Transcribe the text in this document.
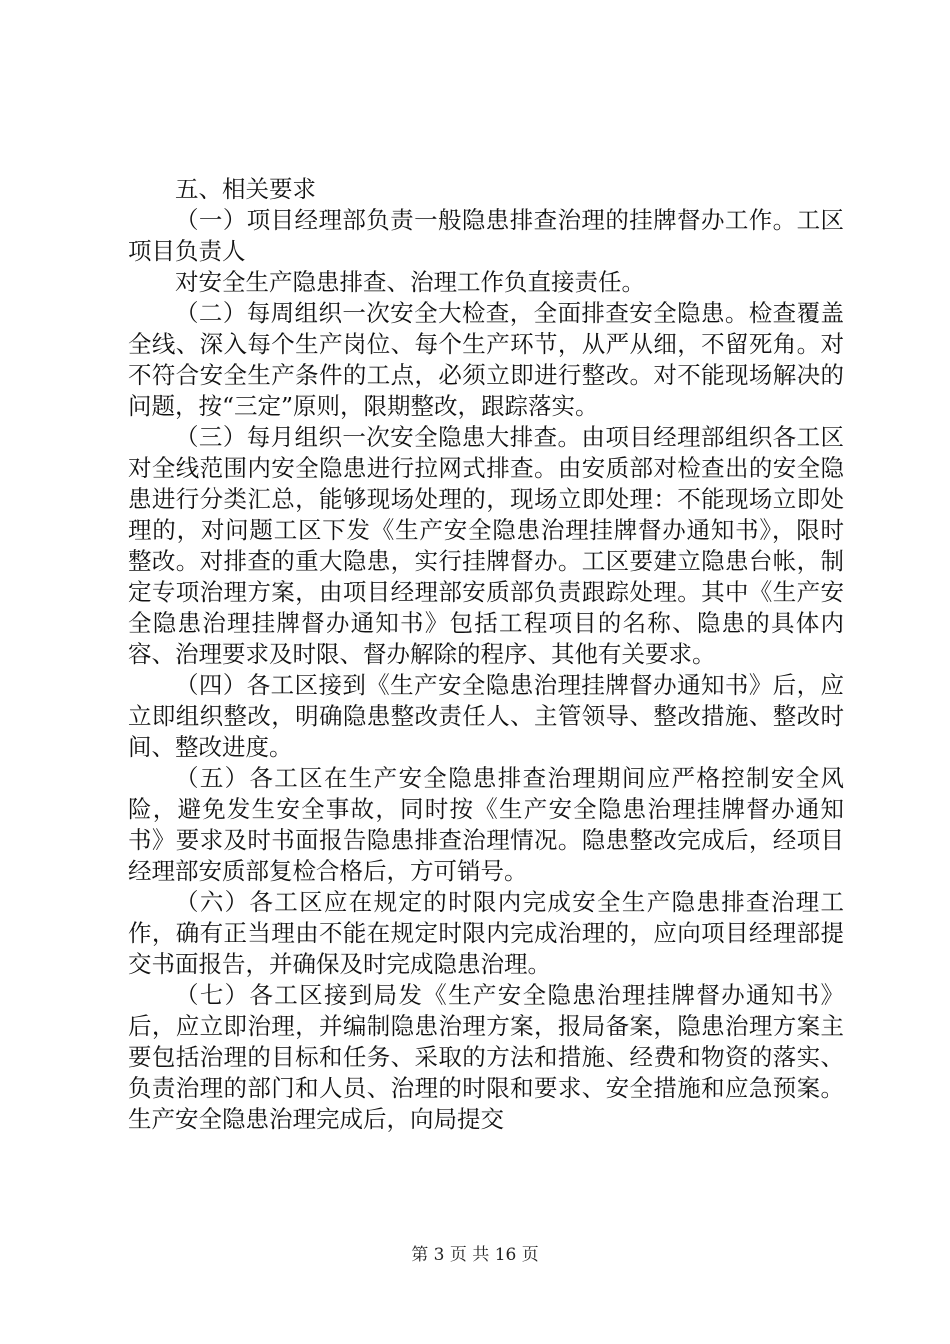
五、相关要求

（一）项目经理部负责一般隐患排查治理的挂牌督办工作。工区项目负责人

对安全生产隐患排查、治理工作负直接责任。

（二）每周组织一次安全大检查，全面排查安全隐患。检查覆盖全线、深入每个生产岗位、每个生产环节，从严从细，不留死角。对不符合安全生产条件的工点，必须立即进行整改。对不能现场解决的问题，按“三定”原则，限期整改，跟踪落实。

（三）每月组织一次安全隐患大排查。由项目经理部组织各工区对全线范围内安全隐患进行拉网式排查。由安质部对检查出的安全隐患进行分类汇总，能够现场处理的，现场立即处理：不能现场立即处理的，对问题工区下发《生产安全隐患治理挂牌督办通知书》，限时整改。对排查的重大隐患，实行挂牌督办。工区要建立隐患台帐，制定专项治理方案，由项目经理部安质部负责跟踪处理。其中《生产安全隐患治理挂牌督办通知书》包括工程项目的名称、隐患的具体内容、治理要求及时限、督办解除的程序、其他有关要求。

（四）各工区接到《生产安全隐患治理挂牌督办通知书》后，应立即组织整改，明确隐患整改责任人、主管领导、整改措施、整改时间、整改进度。

（五）各工区在生产安全隐患排查治理期间应严格控制安全风险，避免发生安全事故，同时按《生产安全隐患治理挂牌督办通知书》要求及时书面报告隐患排查治理情况。隐患整改完成后，经项目经理部安质部复检合格后，方可销号。

（六）各工区应在规定的时限内完成安全生产隐患排查治理工作，确有正当理由不能在规定时限内完成治理的，应向项目经理部提交书面报告，并确保及时完成隐患治理。

（七）各工区接到局发《生产安全隐患治理挂牌督办通知书》后，应立即治理，并编制隐患治理方案，报局备案，隐患治理方案主要包括治理的目标和任务、采取的方法和措施、经费和物资的落实、负责治理的部门和人员、治理的时限和要求、安全措施和应急预案。生产安全隐患治理完成后，向局提交

第 3 页 共 16 页
